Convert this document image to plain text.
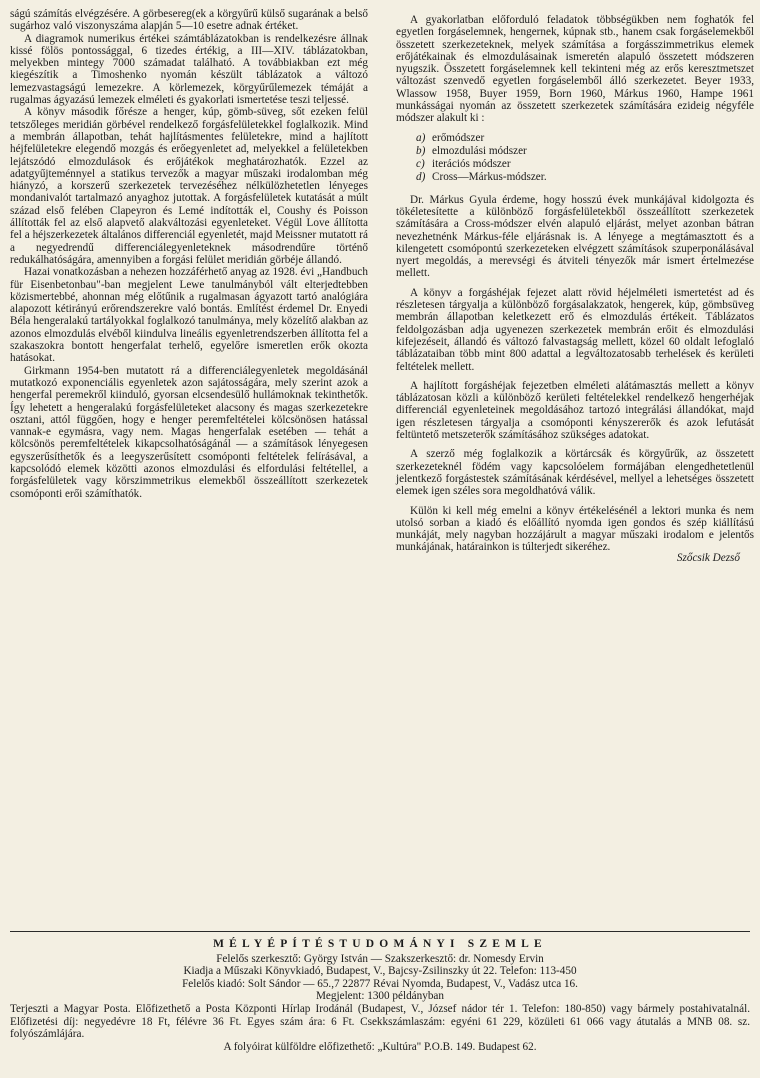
ságú számítás elvégzésére. A görbesereg(ek a körgyűrű külső sugarának a belső sugárhoz való viszonyszáma alapján 5—10 esetre adnak értéket.

A diagramok numerikus értékei számtáblázatokban is rendelkezésre állnak kissé fölös pontossággal, 6 tizedes értékig, a III—XIV. táblázatokban, melyekben mintegy 7000 számadat található. A továbbiakban ezt még kiegészítik a Timoshenko nyomán készült táblázatok a változó lemezvastagságú lemezekre. A körlemezek, körgyűrűlemezek témáját a rugalmas ágyazású lemezek elméleti és gyakorlati ismertetése teszi teljessé.

A könyv második főrésze a henger, kúp, gömb-süveg, sőt ezeken felül tetszőleges meridián görbével rendelkező forgásfelületekkel foglalkozik. Mind a membrán állapotban, tehát hajlításmentes felületekre, mind a hajlított héjfelületekre elegendő mozgás és erőegyenletet ad, melyekkel a felületekben lejátszódó elmozdulások és erőjátékok meghatározhatók. Ezzel az adatgyűjteménnyel a statikus tervezők a magyar műszaki irodalomban még hiányzó, a korszerű szerkezetek tervezéséhez nélkülözhetetlen lényeges mondanivalót tartalmazó anyaghoz jutottak. A forgásfelületek kutatását a múlt század első felében Clapeyron és Lemé indították el, Coushy és Poisson állították fel az első alapvető alakváltozási egyenleteket. Végül Love állította fel a héjszerkezetek általános differenciál egyenletét, majd Meissner mutatott rá a negyedrendű differenciálegyenleteknek másodrendűre történő redukálhatóságára, amennyiben a forgási felület meridián görbéje állandó.

Hazai vonatkozásban a nehezen hozzáférhető anyag az 1928. évi „Handbuch für Eisenbetonbau"-ban megjelent Lewe tanulmányból vált elterjedtebben közismertebbé, ahonnan még előtűnik a rugalmasan ágyazott tartó analógiára alapozott kétirányú erőrendszerekre való bontás. Említést érdemel Dr. Enyedi Béla hengeralakú tartályokkal foglalkozó tanulmánya, mely közelítő alakban az azonos elmozdulás elvéből kiindulva lineális egyenletrendszerben állította fel a szakaszokra bontott hengerfalat terhelő, egyelőre ismeretlen erők okozta hatásokat.

Girkmann 1954-ben mutatott rá a differenciálegyenletek megoldásánál mutatkozó exponenciális egyenletek azon sajátosságára, mely szerint azok a hengerfal peremekről kiinduló, gyorsan elcsendesülő hullámoknak tekinthetők. Így lehetett a hengeralakú forgásfelületeket alacsony és magas szerkezetekre osztani, attól függően, hogy e henger peremfeltételei kölcsönösen hatással vannak-e egymásra, vagy nem. Magas hengerfalak esetében — tehát a kölcsönös peremfeltételek kikapcsolhatóságánál — a számítások lényegesen egyszerűsíthetők és a leegyszerűsített csomóponti feltételek felírásával, a kapcsolódó elemek közötti azonos elmozdulási és elfordulási feltétellel, a forgásfelületek vagy körszimmetrikus elemekből összeállított szerkezetek csomóponti erői számíthatók.

A gyakorlatban előforduló feladatok többségükben nem foghatók fel egyetlen forgáselemnek, hengernek, kúpnak stb., hanem csak forgáselemekből összetett szerkezeteknek, melyek számítása a forgásszimmetrikus elemek erőjátékainak és elmozdulásainak ismeretén alapuló összetett módszeren nyugszik. Összetett forgáselemnek kell tekinteni még az erős keresztmetszet változást szenvedő egyetlen forgáselemből álló szerkezetet. Beyer 1933, Wlassow 1958, Buyer 1959, Born 1960, Márkus 1960, Hampe 1961 munkásságai nyomán az összetett szerkezetek számítására ezideig négyféle módszer alakult ki :

a) erőmódszer
b) elmozdulási módszer
c) iterációs módszer
d) Cross—Márkus-módszer.

Dr. Márkus Gyula érdeme, hogy hosszú évek munkájával kidolgozta és tökéletesítette a különböző forgásfelületekből összeállított szerkezetek számítására a Cross-módszer elvén alapuló eljárást, melyet azonban bátran nevezhetnénk Márkus-féle eljárásnak is. A lényege a megtámasztott és a kilengetett csomópontú szerkezeteken elvégzett számítások szuperponálásával nyert megoldás, a merevségi és átviteli tényezők már ismert értelmezése mellett.

A könyv a forgáshéjak fejezet alatt rövid héjelméleti ismertetést ad és részletesen tárgyalja a különböző forgásalakzatok, hengerek, kúp, gömbsüveg membrán állapotban keletkezett erő és elmozdulás értékeit. Táblázatos feldolgozásban adja ugyenezen szerkezetek membrán erőit és elmozdulási kifejezéseit, állandó és változó falvastagság mellett, közel 60 oldalt lefoglaló táblázataiban több mint 800 adattal a legváltozatosabb terhelések és kerületi feltételek mellett.

A hajlított forgáshéjak fejezetben elméleti alátámasztás mellett a könyv táblázatosan közli a különböző kerületi feltételekkel rendelkező hengerhéjak differenciál egyenleteinek megoldásához tartozó integrálási állandókat, majd igen részletesen tárgyalja a csomóponti kényszererők és azok lefutását feltüntető metszeterők számításához szükséges adatokat.

A szerző még foglalkozik a körtárcsák és körgyűrűk, az összetett szerkezeteknél födém vagy kapcsolóelem formájában elengedhetetlenül jelentkező forgástestek számításának kérdésével, mellyel a lehetséges összetett elemek igen széles sora megoldhatóvá válik.

Külön ki kell még emelni a könyv értékelésénél a lektori munka és nem utolsó sorban a kiadó és előállító nyomda igen gondos és szép kiállítású munkáját, mely nagyban hozzájárult a magyar műszaki irodalom e jelentős munkájának, határainkon is túlterjedt sikeréhez.

Szőcsik Dezső
MÉLYÉPÍTÉSTUDOMÁNYI SZEMLE
Felelős szerkesztő: György István — Szakszerkesztő: dr. Nomesdy Ervin
Kiadja a Műszaki Könyvkiadó, Budapest, V., Bajcsy-Zsilinszky út 22. Telefon: 113-450
Felelős kiadó: Solt Sándor — 65.,7 22877 Révai Nyomda, Budapest, V., Vadász utca 16.
Megjelent: 1300 példányban
Terjeszti a Magyar Posta. Előfizethető a Posta Központi Hírlap Irodánál (Budapest, V., József nádor tér 1. Telefon: 180-850) vagy bármely postahivatalnál. Előfizetési díj: negyedévre 18 Ft, félévre 36 Ft. Egyes szám ára: 6 Ft. Csekkszámlaszám: egyéni 61 229, közületi 61 066 vagy átutalás a MNB 08. sz. folyószámlájára.
A folyóirat külföldre előfizethető: „Kultúra" P.O.B. 149. Budapest 62.
